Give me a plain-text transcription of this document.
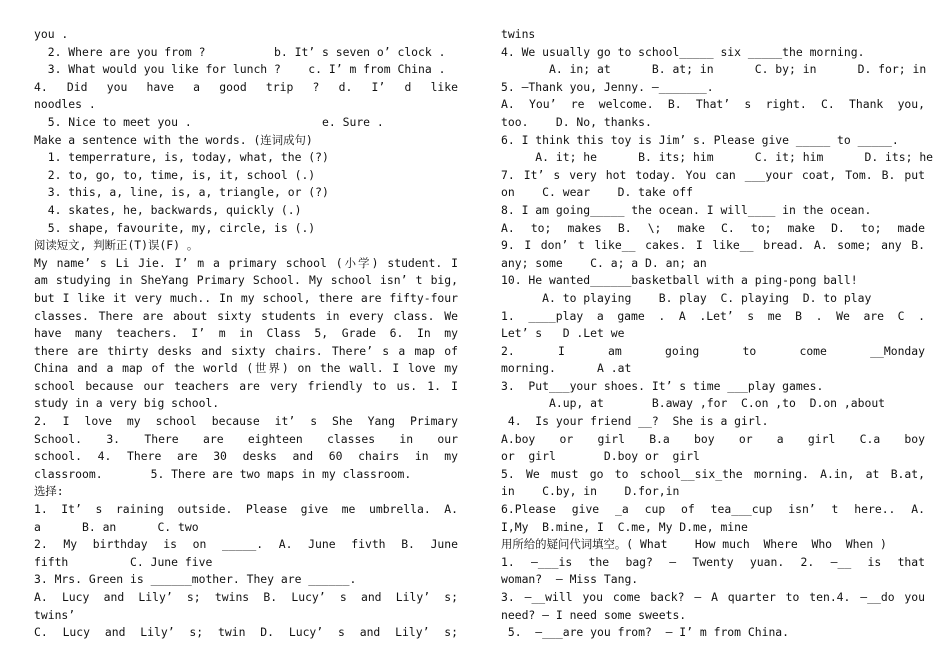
you .
2. Where are you from ?          b. It’ s seven o’ clock .
3. What would you like for lunch ?    c. I’ m from China .
4. Did you have a good trip ? d. I’ d like
noodles .
5. Nice to meet you .                   e. Sure .
Make a sentence with the words. (连词成句)
1. temperrature, is, today, what, the (?)
2. to, go, to, time, is, it, school (.)
3. this, a, line, is, a, triangle, or (?)
4. skates, he, backwards, quickly (.)
5. shape, favourite, my, circle, is (.)
阅读短文, 判断正(T)误(F) 。
My name’ s Li Jie. I’ m a primary school (小学) student. I
am studying in SheYang Primary School. My school isn’ t big,
but I like it very much.. In my school, there are fifty-four
classes. There are about sixty students in every class. We
have many teachers. I’ m in Class 5, Grade 6. In my
there are thirty desks and sixty chairs. There’ s a map of
China and a map of the world (世界) on the wall. I love my
school because our teachers are very friendly to us. 1. I
study in a very big school.
2. I love my school because it’ s She Yang Primary
School. 3. There are eighteen classes in our
school. 4. There are 30 desks and 60 chairs in my
classroom.       5. There are two maps in my classroom.
选择:
1. It’ s raining outside. Please give me umbrella. A.
a      B. an      C. two
2. My birthday is on _____. A. June fivth B. June
fifth         C. June five
3. Mrs. Green is ______mother. They are ______.
A. Lucy and Lily’ s; twins B. Lucy’ s and Lily’ s;
twins’
C. Lucy and Lily’ s; twin D. Lucy’ s and Lily’ s;
twins
4. We usually go to school_____ six _____the morning.
A. in; at      B. at; in      C. by; in      D. for; in
5. —Thank you, Jenny. —_______.
A. You’ re welcome. B. That’ s right. C. Thank you,
too.    D. No, thanks.
6. I think this toy is Jim’ s. Please give _____ to _____.
A. it; he      B. its; him      C. it; him      D. its; he
7. It’ s very hot today. You can ___your coat, Tom. B. put
on    C. wear    D. take off
8. I am going_____ the ocean. I will____ in the ocean.
A. to; makes B. \; make C. to; make D. to; made
9. I don’ t like__ cakes. I like__ bread. A. some; any B.
any; some    C. a; a D. an; an
10. He wanted______basketball with a ping-pong ball!
A. to playing    B. play  C. playing  D. to play
1. ____play a game . A .Let’ s me B . We are C .
Let’ s   D .Let we
2. I am going to come __Monday
morning.      A .at
3.  Put___your shoes. It’ s time ___play games.
A.up, at       B.away ,for  C.on ,to  D.on ,about
4.  Is your friend __?  She is a girl.
A.boy or girl B.a boy or a girl C.a boy
or  girl       D.boy or  girl
5. We must go to school__six_the morning. A.in, at B.at,
in    C.by, in    D.for,in
6.Please give _a cup of tea___cup isn’ t here.. A.
I,My  B.mine, I  C.me, My D.me, mine
用所给的疑问代词填空。( What    How much  Where  Who  When )
1. —___is the bag? — Twenty yuan. 2. —__ is that
woman?  — Miss Tang.
3. —__will you come back? — A quarter to ten.4. —__do you
need? — I need some sweets.
5.  —___are you from?  — I’ m from China.
